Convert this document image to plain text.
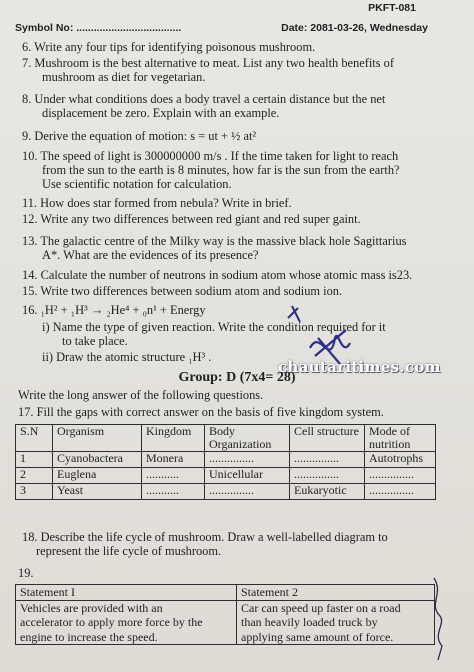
PKFT-081
Symbol No: ....................................	Date: 2081-03-26, Wednesday
6. Write any four tips for identifying poisonous mushroom.
7. Mushroom is the best alternative to meat. List any two health benefits of
mushroom as diet for vegetarian.
8. Under what conditions does a body travel a certain distance but the net
displacement be zero. Explain with an example.
9. Derive the equation of motion: s = ut + ½ at²
10. The speed of light is 300000000 m/s . If the time taken for light to reach
from the sun to the earth is 8 minutes, how far is the sun from the earth?
Use scientific notation for calculation.
11. How does star formed from nebula? Write in brief.
12. Write any two differences between red giant and red super gaint.
13. The galactic centre of the Milky way is the massive black hole Sagittarius
A*. What are the evidences of its presence?
14. Calculate the number of neutrons in sodium atom whose atomic mass is23.
15. Write two differences between sodium atom and sodium ion.
16. ₁H² + ₁H³ → ₂He⁴ + ₀n¹ + Energy
i) Name the type of given reaction. Write the condition required for it
to take place.
ii) Draw the atomic structure ₁H³ .
chautaritimes.com
Group: D (7x4= 28)
Write the long answer of the following questions.
17. Fill the gaps with correct answer on the basis of five kingdom system.
S.N	Organism	Kingdom	Body Organization	Cell structure	Mode of nutrition
1	Cyanobactera	Monera	...............	...............	Autotrophs
2	Euglena	...........	Unicellular	...............	...............
3	Yeast	...........	...............	Eukaryotic	...............
18. Describe the life cycle of mushroom. Draw a well-labelled diagram to
represent the life cycle of mushroom.
19.
Statement I	Statement 2

Vehicles are provided with an
accelerator to apply more force by the
engine to increase the speed.	Car can speed up faster on a road
than heavily loaded truck by
applying same amount of force.
